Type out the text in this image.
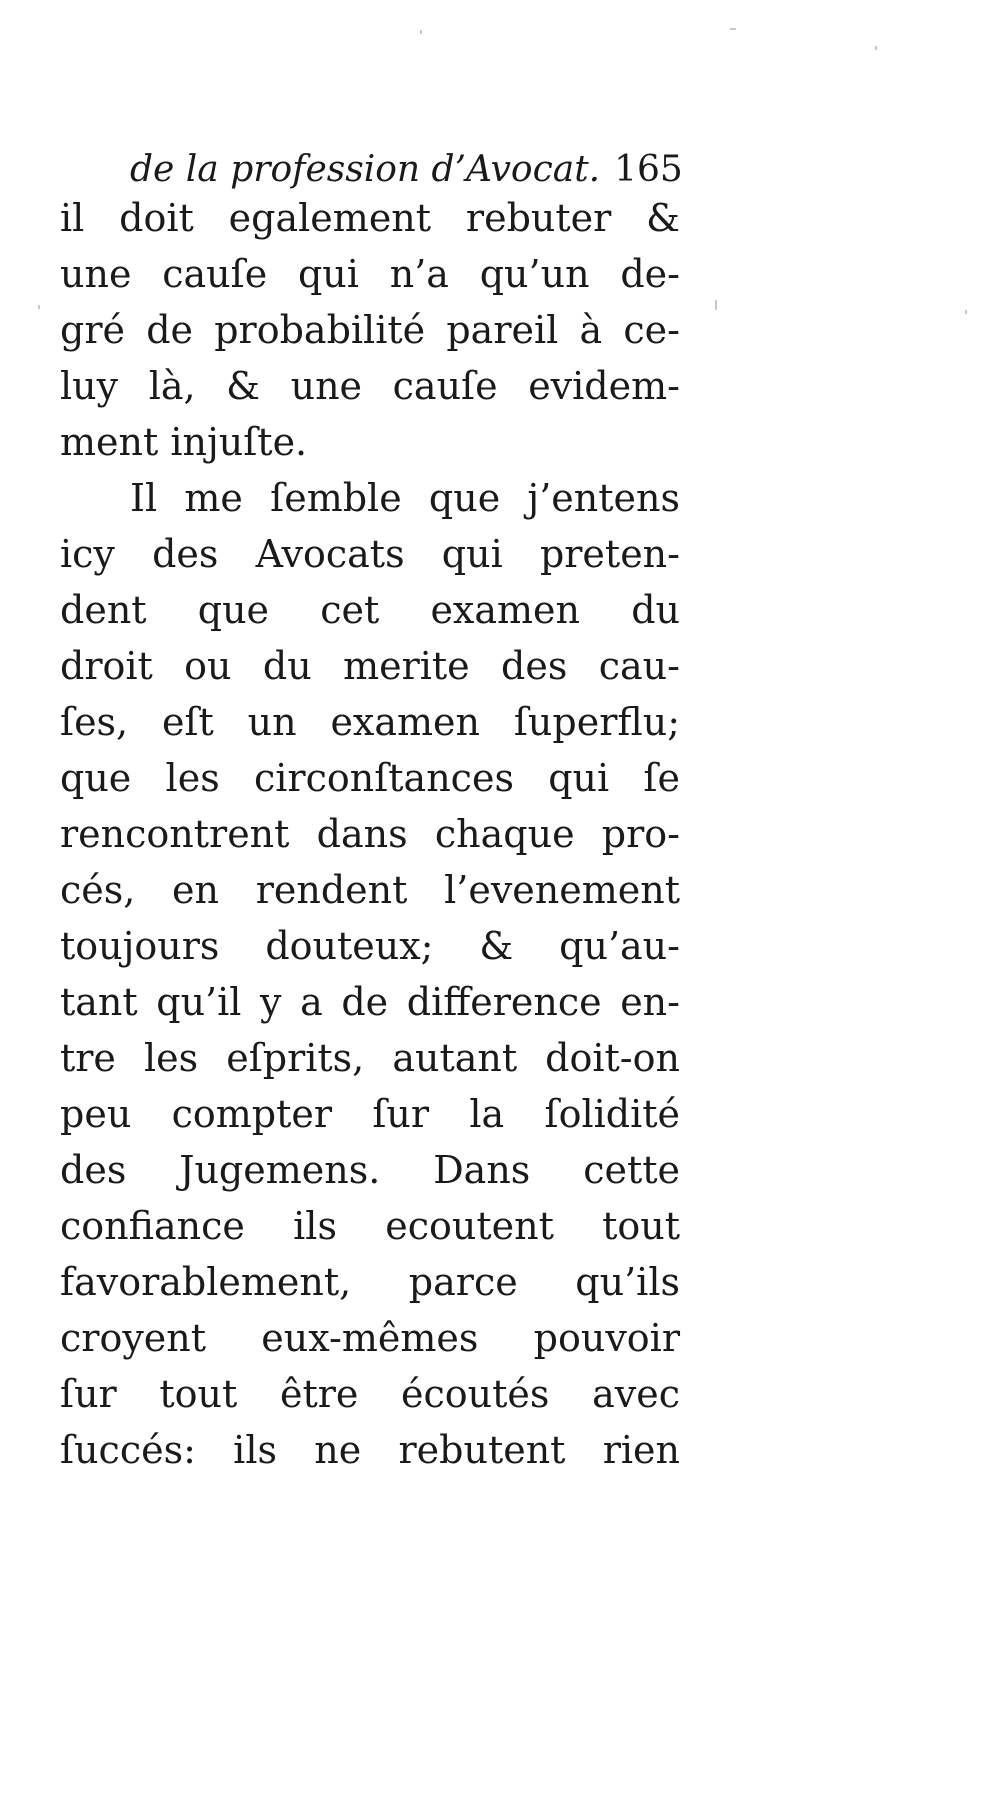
de la profession d’Avocat. 165
il doit egalement rebuter &
une cauſe qui n’a qu’un de-
gré de probabilité pareil à ce-
luy là, & une cauſe evidem-
ment injuſte.
Il me ſemble que j’entens
icy des Avocats qui preten-
dent que cet examen du
droit ou du merite des cau-
ſes, eſt un examen ſuperflu;
que les circonſtances qui ſe
rencontrent dans chaque pro-
cés, en rendent l’evenement
toujours douteux; & qu’au-
tant qu’il y a de difference en-
tre les eſprits, autant doit-on
peu compter ſur la ſolidité
des Jugemens. Dans cette
confiance ils ecoutent tout
favorablement, parce qu’ils
croyent eux-mêmes pouvoir
ſur tout être écoutés avec
ſuccés: ils ne rebutent rien
